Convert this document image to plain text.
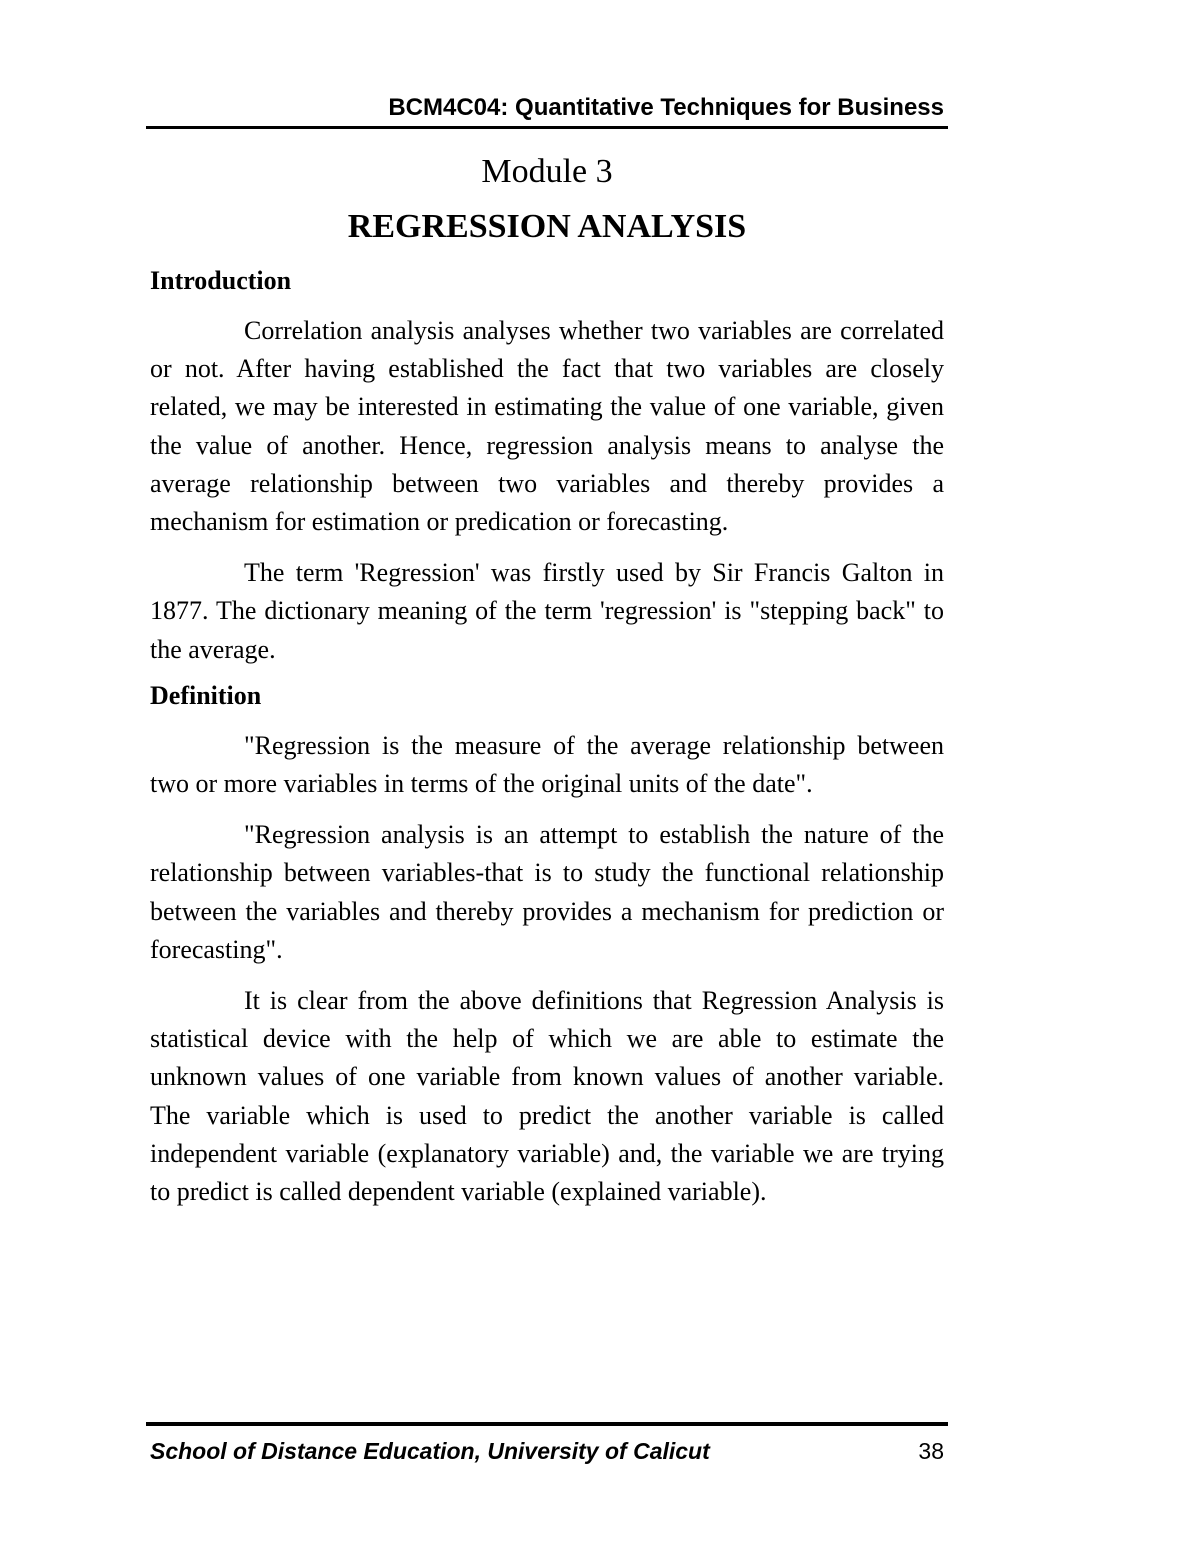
BCM4C04: Quantitative Techniques for Business
Module 3
REGRESSION ANALYSIS
Introduction

Correlation analysis analyses whether two variables are correlated or not. After having established the fact that two variables are closely related, we may be interested in estimating the value of one variable, given the value of another. Hence, regression analysis means to analyse the average relationship between two variables and thereby provides a mechanism for estimation or predication or forecasting.

The term 'Regression' was firstly used by Sir Francis Galton in 1877. The dictionary meaning of the term 'regression' is "stepping back" to the average.

Definition

"Regression is the measure of the average relationship between two or more variables in terms of the original units of the date".

"Regression analysis is an attempt to establish the nature of the relationship between variables-that is to study the functional relationship between the variables and thereby provides a mechanism for prediction or forecasting".

It is clear from the above definitions that Regression Analysis is statistical device with the help of which we are able to estimate the unknown values of one variable from known values of another variable. The variable which is used to predict the another variable is called independent variable (explanatory variable) and, the variable we are trying to predict is called dependent variable (explained variable).

School of Distance Education, University of Calicut	38
